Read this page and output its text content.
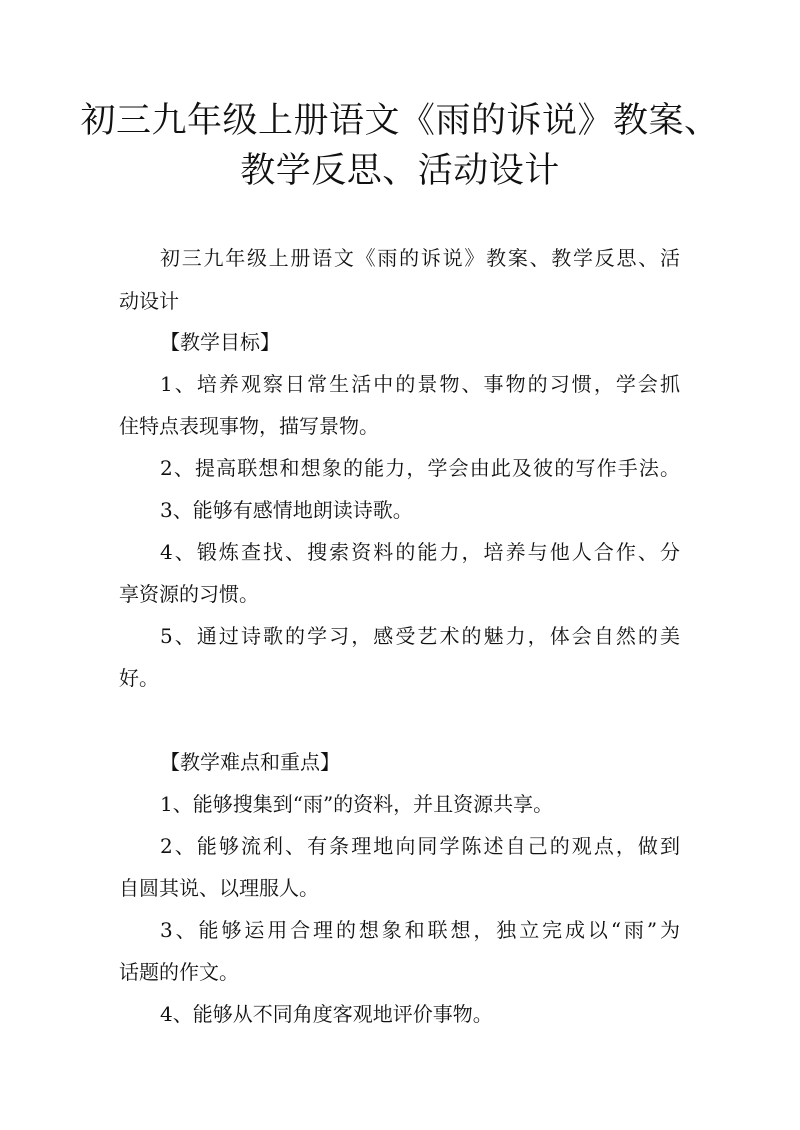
初三九年级上册语文《雨的诉说》教案、
教学反思、活动设计

初三九年级上册语文《雨的诉说》教案、教学反思、活

动设计

【教学目标】

1、培养观察日常生活中的景物、事物的习惯，学会抓

住特点表现事物，描写景物。

2、提高联想和想象的能力，学会由此及彼的写作手法。

3、能够有感情地朗读诗歌。

4、锻炼查找、搜索资料的能力，培养与他人合作、分

享资源的习惯。

5、通过诗歌的学习，感受艺术的魅力，体会自然的美

好。

【教学难点和重点】

1、能够搜集到“雨”的资料，并且资源共享。

2、能够流利、有条理地向同学陈述自己的观点，做到

自圆其说、以理服人。

3、能够运用合理的想象和联想，独立完成以“雨”为

话题的作文。

4、能够从不同角度客观地评价事物。
